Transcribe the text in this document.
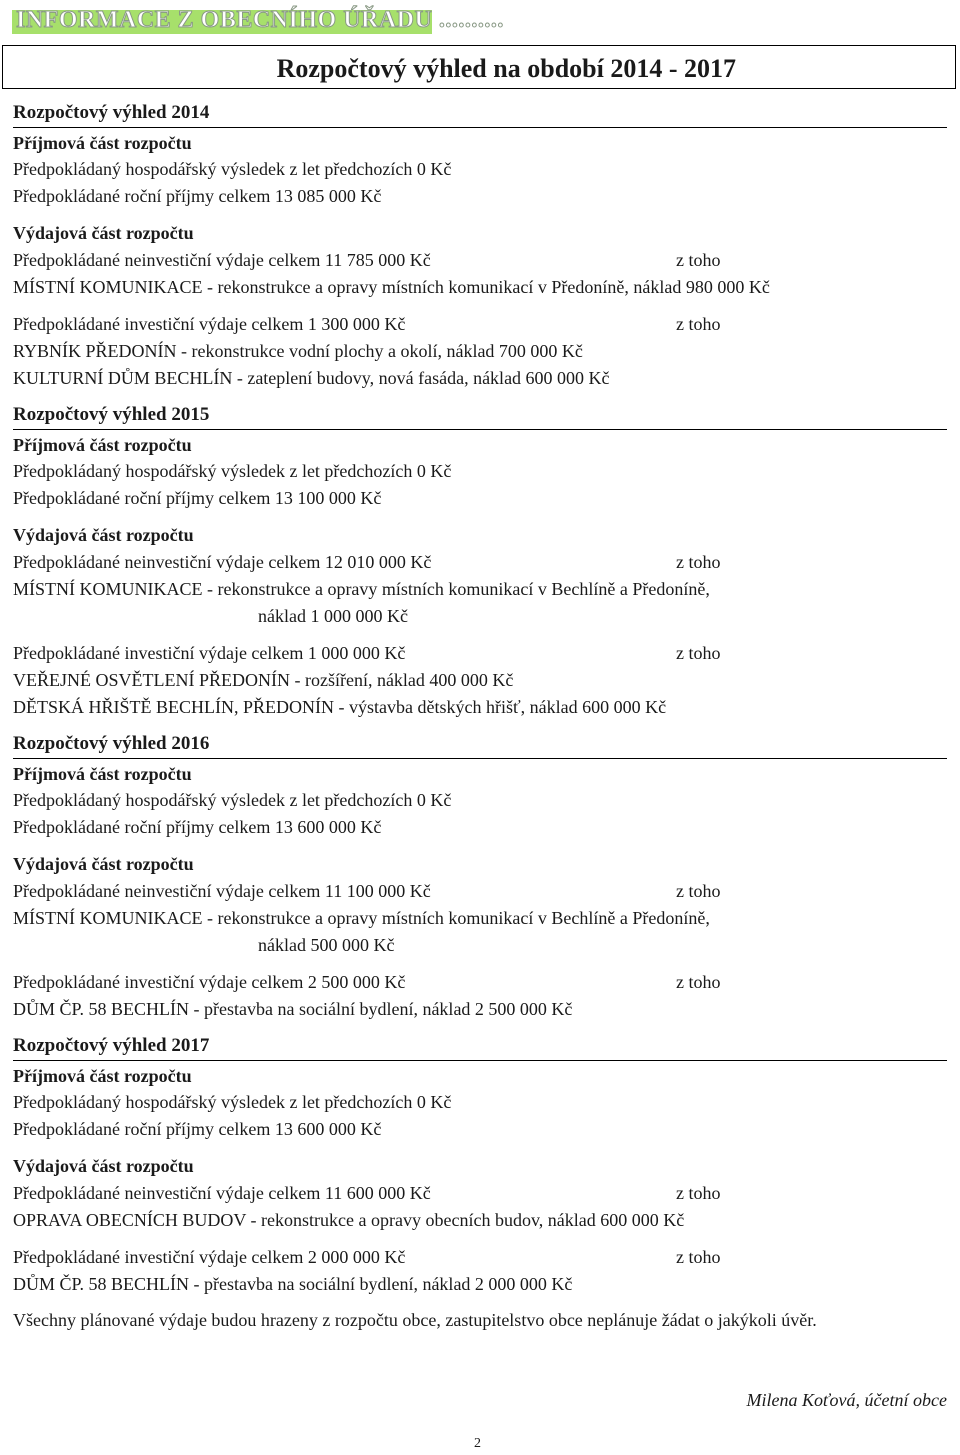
INFORMACE Z OBECNÍHO ÚŘADU ..........
Rozpočtový výhled na období 2014 - 2017
Rozpočtový výhled 2014
Příjmová část rozpočtu
Předpokládaný hospodářský výsledek z let předchozích 0 Kč
Předpokládané roční příjmy celkem 13 085 000 Kč
Výdajová část rozpočtu
Předpokládané neinvestiční výdaje celkem 11 785 000 Kč	z toho
MÍSTNÍ KOMUNIKACE - rekonstrukce a opravy místních komunikací v Předoníně, náklad 980 000 Kč
Předpokládané investiční výdaje celkem 1 300 000 Kč	z toho
RYBNÍK PŘEDONÍN - rekonstrukce vodní plochy a okolí, náklad 700 000 Kč
KULTURNÍ DŮM BECHLÍN - zateplení budovy, nová fasáda, náklad 600 000 Kč
Rozpočtový výhled 2015
Příjmová část rozpočtu
Předpokládaný hospodářský výsledek z let předchozích 0 Kč
Předpokládané roční příjmy celkem 13 100 000 Kč
Výdajová část rozpočtu
Předpokládané neinvestiční výdaje celkem 12 010 000 Kč	z toho
MÍSTNÍ KOMUNIKACE - rekonstrukce a opravy místních komunikací v Bechlíně a Předoníně,
náklad 1 000 000 Kč
Předpokládané investiční výdaje celkem 1 000 000 Kč	z toho
VEŘEJNÉ OSVĚTLENÍ PŘEDONÍN - rozšíření, náklad 400 000 Kč
DĚTSKÁ HŘIŠTĚ BECHLÍN, PŘEDONÍN - výstavba dětských hřišť, náklad 600 000 Kč
Rozpočtový výhled 2016
Příjmová část rozpočtu
Předpokládaný hospodářský výsledek z let předchozích 0 Kč
Předpokládané roční příjmy celkem 13 600 000 Kč
Výdajová část rozpočtu
Předpokládané neinvestiční výdaje celkem 11 100 000 Kč	z toho
MÍSTNÍ KOMUNIKACE - rekonstrukce a opravy místních komunikací v Bechlíně a Předoníně,
náklad 500 000 Kč
Předpokládané investiční výdaje celkem 2 500 000 Kč	z toho
DŮM ČP. 58 BECHLÍN - přestavba na sociální bydlení, náklad 2 500 000 Kč
Rozpočtový výhled 2017
Příjmová část rozpočtu
Předpokládaný hospodářský výsledek z let předchozích 0 Kč
Předpokládané roční příjmy celkem 13 600 000 Kč
Výdajová část rozpočtu
Předpokládané neinvestiční výdaje celkem 11 600 000 Kč	z toho
OPRAVA OBECNÍCH BUDOV - rekonstrukce a opravy obecních budov, náklad 600 000 Kč
Předpokládané investiční výdaje celkem 2 000 000 Kč	z toho
DŮM ČP. 58 BECHLÍN - přestavba na sociální bydlení, náklad 2 000 000 Kč
Všechny plánované výdaje budou hrazeny z rozpočtu obce, zastupitelstvo obce neplánuje žádat o jakýkoli úvěr.
Milena Koťová, účetní obce
2
